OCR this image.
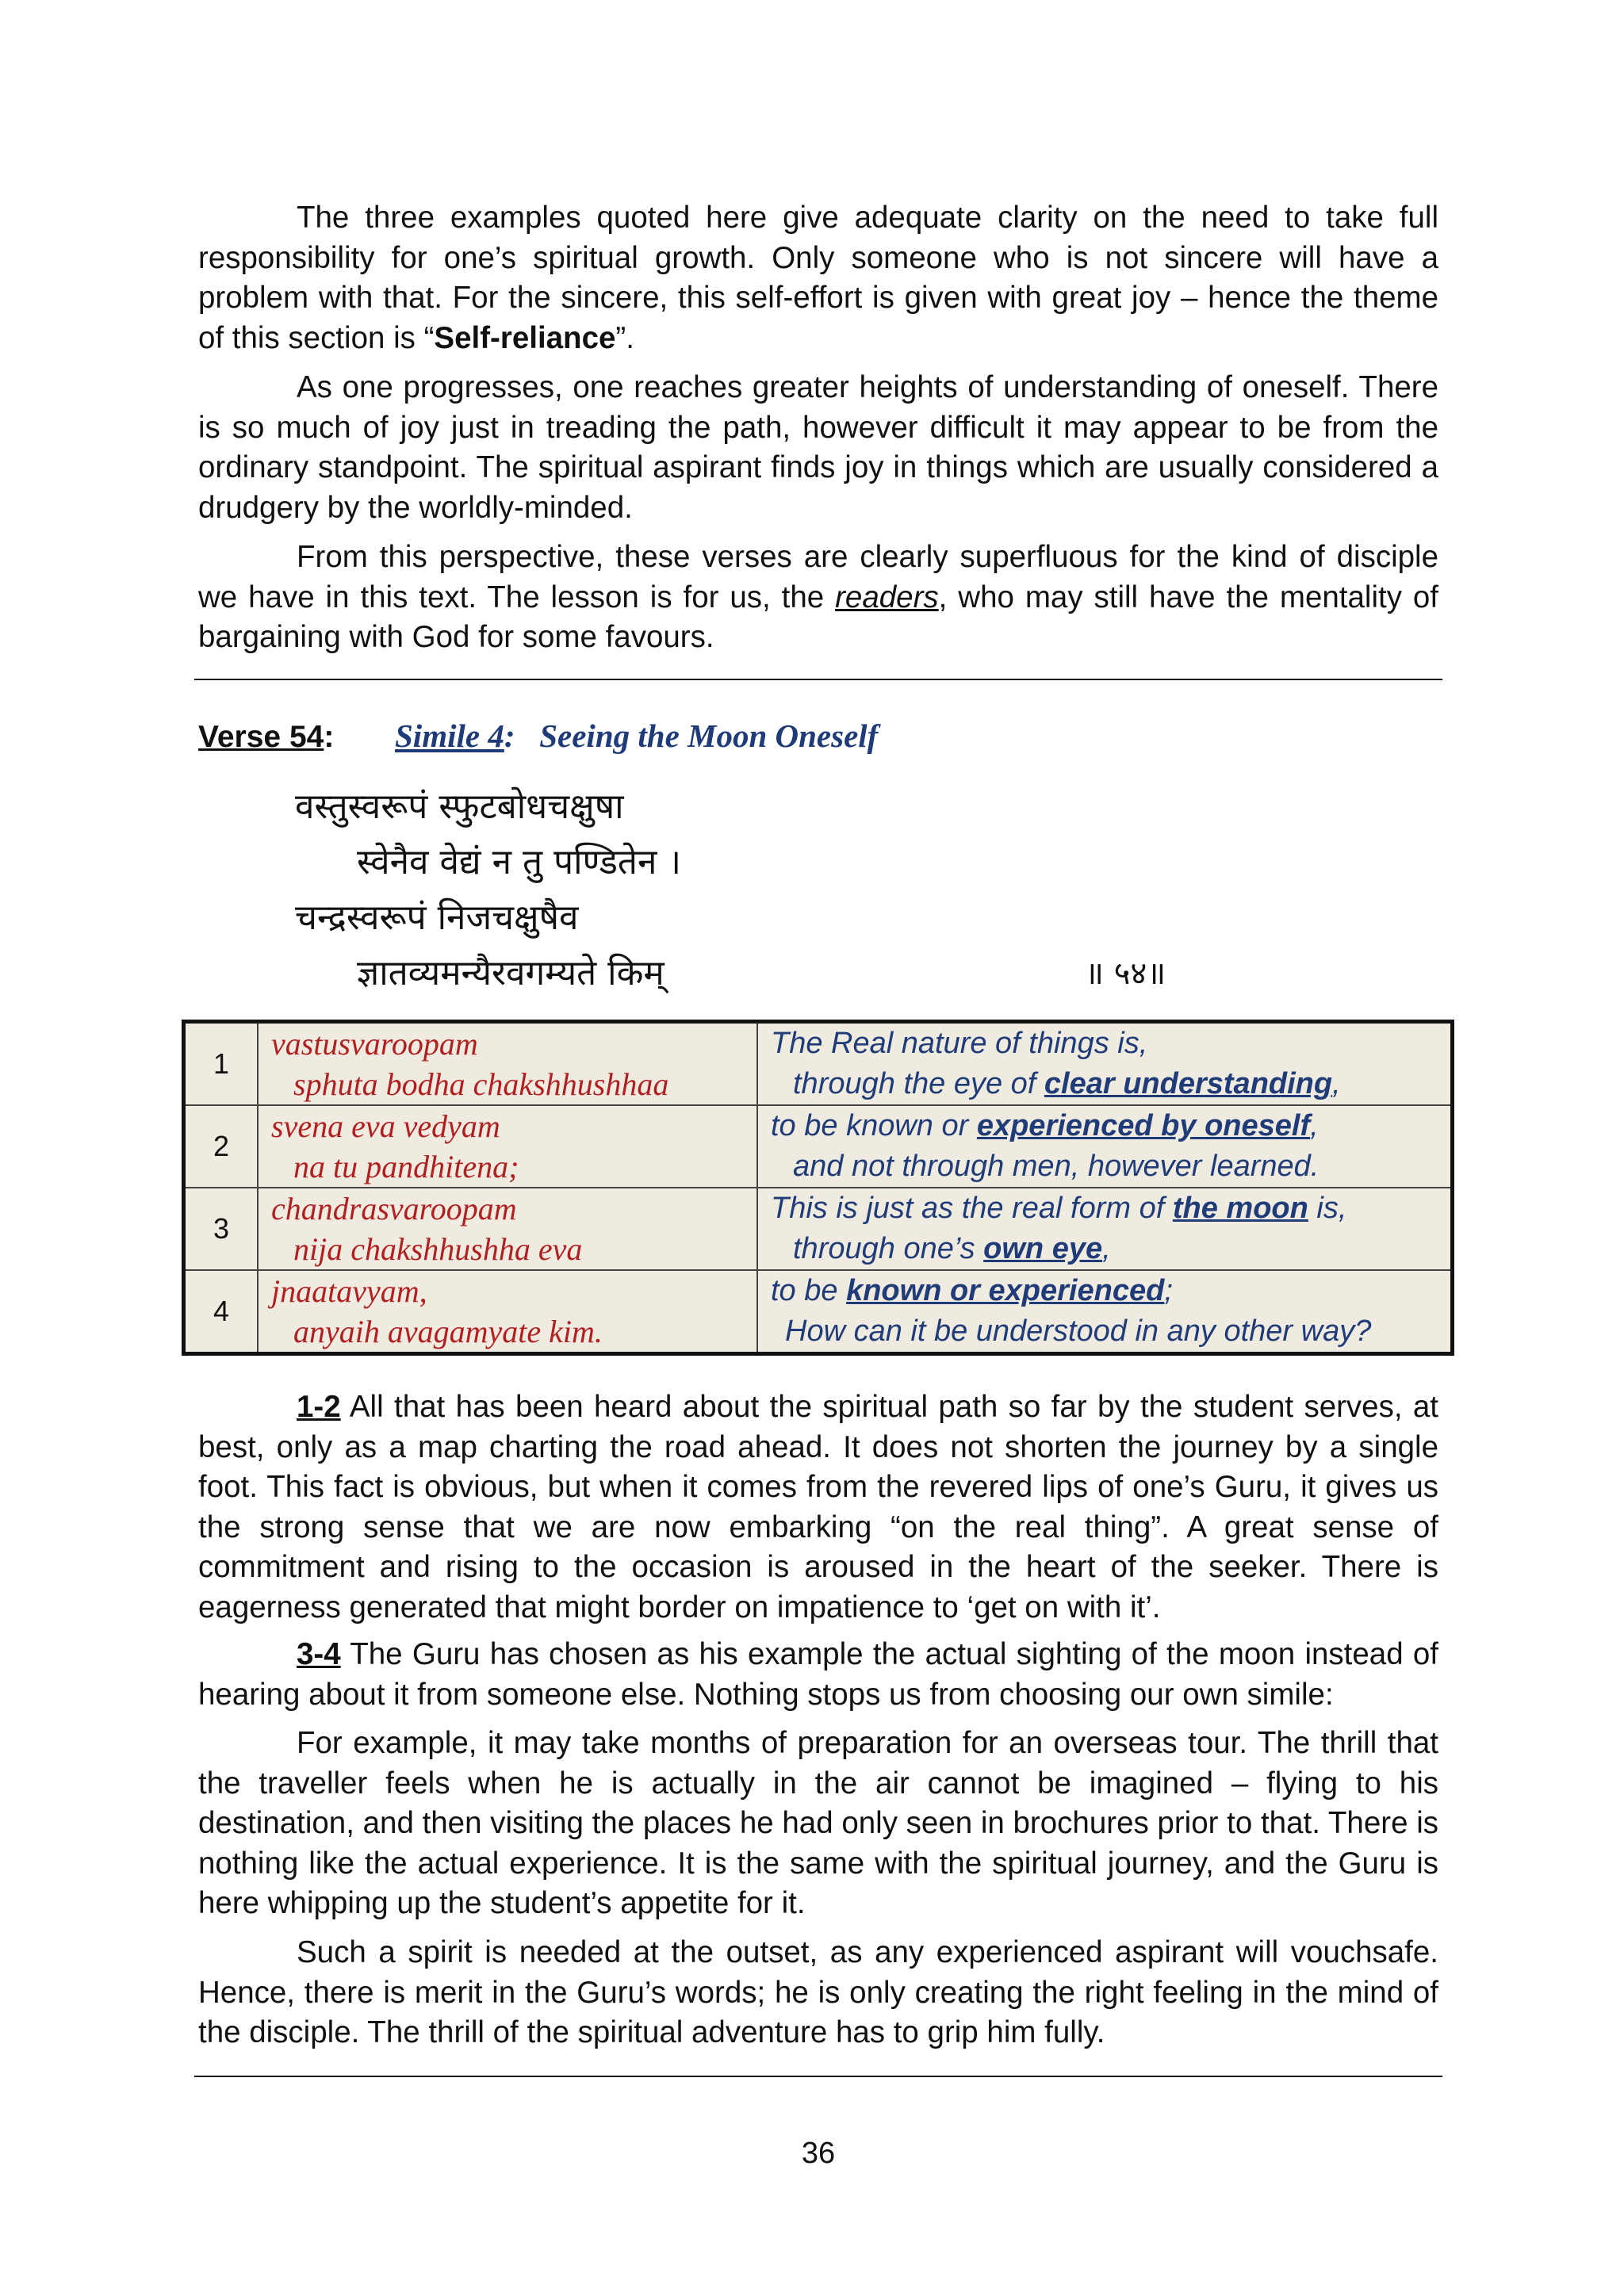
The three examples quoted here give adequate clarity on the need to take full responsibility for one’s spiritual growth. Only someone who is not sincere will have a problem with that. For the sincere, this self-effort is given with great joy – hence the theme of this section is “Self-reliance”.

As one progresses, one reaches greater heights of understanding of oneself. There is so much of joy just in treading the path, however difficult it may appear to be from the ordinary standpoint. The spiritual aspirant finds joy in things which are usually considered a drudgery by the worldly-minded.

From this perspective, these verses are clearly superfluous for the kind of disciple we have in this text. The lesson is for us, the readers, who may still have the mentality of bargaining with God for some favours.

Verse 54: Simile 4:   Seeing the Moon Oneself
वस्तुस्वरूपं स्फुटबोधचक्षुषा
स्वेनैव वेद्यं न तु पण्डितेन ।
चन्द्रस्वरूपं निजचक्षुषैव
ज्ञातव्यमन्यैरवगम्यते किम्	॥ ५४॥
1	vastusvaroopam
sphuta bodha chakshhushhaa	The Real nature of things is,
through the eye of clear understanding,

2	svena eva vedyam
na tu pandhitena;	to be known or experienced by oneself,
and not through men, however learned.

3	chandrasvaroopam
nija chakshhushha eva	This is just as the real form of the moon is,
through one’s own eye,

4	jnaatavyam,
anyaih avagamyate kim.	to be known or experienced;
How can it be understood in any other way?

1-2 All that has been heard about the spiritual path so far by the student serves, at best, only as a map charting the road ahead. It does not shorten the journey by a single foot. This fact is obvious, but when it comes from the revered lips of one’s Guru, it gives us the strong sense that we are now embarking “on the real thing”. A great sense of commitment and rising to the occasion is aroused in the heart of the seeker. There is eagerness generated that might border on impatience to ‘get on with it’.

3-4 The Guru has chosen as his example the actual sighting of the moon instead of hearing about it from someone else. Nothing stops us from choosing our own simile:

For example, it may take months of preparation for an overseas tour. The thrill that the traveller feels when he is actually in the air cannot be imagined – flying to his destination, and then visiting the places he had only seen in brochures prior to that. There is nothing like the actual experience. It is the same with the spiritual journey, and the Guru is here whipping up the student’s appetite for it.

Such a spirit is needed at the outset, as any experienced aspirant will vouchsafe. Hence, there is merit in the Guru’s words; he is only creating the right feeling in the mind of the disciple. The thrill of the spiritual adventure has to grip him fully.

36
